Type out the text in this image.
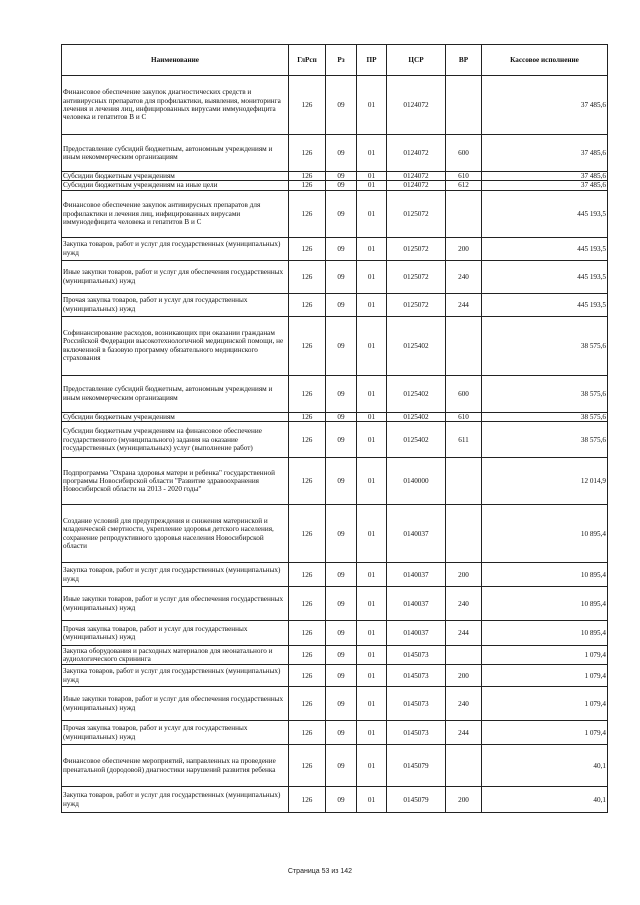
Наименование	ГлРсп	Рз	ПР	ЦСР	ВР	Кассовое исполнение
Финансовое обеспечение закупок диагностических средств и антивирусных препаратов для профилактики, выявления, мониторинга лечения и лечения лиц, инфицированных вирусами иммунодефицита человека и гепатитов B и C	126	09	01	0124072		37 485,6
Предоставление субсидий бюджетным, автономным учреждениям и иным некоммерческим организациям	126	09	01	0124072	600	37 485,6
Субсидии бюджетным учреждениям	126	09	01	0124072	610	37 485,6
Субсидии бюджетным учреждениям на иные цели	126	09	01	0124072	612	37 485,6
Финансовое обеспечение закупок антивирусных препаратов для профилактики и лечения лиц, инфицированных вирусами иммунодефицита человека и гепатитов B и C	126	09	01	0125072		445 193,5
Закупка товаров, работ и услуг для государственных (муниципальных) нужд	126	09	01	0125072	200	445 193,5
Иные закупки товаров, работ и услуг для обеспечения государственных (муниципальных) нужд	126	09	01	0125072	240	445 193,5
Прочая закупка товаров, работ и услуг для государственных (муниципальных) нужд	126	09	01	0125072	244	445 193,5
Софинансирование расходов, возникающих при оказании гражданам Российской Федерации высокотехнологичной медицинской помощи, не включенной в базовую программу обязательного медицинского страхования	126	09	01	0125402		38 575,6
Предоставление субсидий бюджетным, автономным учреждениям и иным некоммерческим организациям	126	09	01	0125402	600	38 575,6
Субсидии бюджетным учреждениям	126	09	01	0125402	610	38 575,6
Субсидии бюджетным учреждениям на финансовое обеспечение государственного (муниципального) задания на оказание государственных (муниципальных) услуг (выполнение работ)	126	09	01	0125402	611	38 575,6
Подпрограмма "Охрана здоровья матери и ребенка" государственной программы Новосибирской области "Развитие здравоохранения Новосибирской области на 2013 - 2020 годы"	126	09	01	0140000		12 014,9
Создание условий для предупреждения и снижения материнской и младенческой смертности, укрепление здоровья детского населения, сохранение репродуктивного здоровья населения Новосибирской области	126	09	01	0140037		10 895,4
Закупка товаров, работ и услуг для государственных (муниципальных) нужд	126	09	01	0140037	200	10 895,4
Иные закупки товаров, работ и услуг для обеспечения государственных (муниципальных) нужд	126	09	01	0140037	240	10 895,4
Прочая закупка товаров, работ и услуг для государственных (муниципальных) нужд	126	09	01	0140037	244	10 895,4
Закупка оборудования и расходных материалов для неонатального и аудиологического скрининга	126	09	01	0145073		1 079,4
Закупка товаров, работ и услуг для государственных (муниципальных) нужд	126	09	01	0145073	200	1 079,4
Иные закупки товаров, работ и услуг для обеспечения государственных (муниципальных) нужд	126	09	01	0145073	240	1 079,4
Прочая закупка товаров, работ и услуг для государственных (муниципальных) нужд	126	09	01	0145073	244	1 079,4
Финансовое обеспечение мероприятий, направленных на проведение пренатальной (дородовой) диагностики нарушений развития ребенка	126	09	01	0145079		40,1
Закупка товаров, работ и услуг для государственных (муниципальных) нужд	126	09	01	0145079	200	40,1
Страница 53 из 142
